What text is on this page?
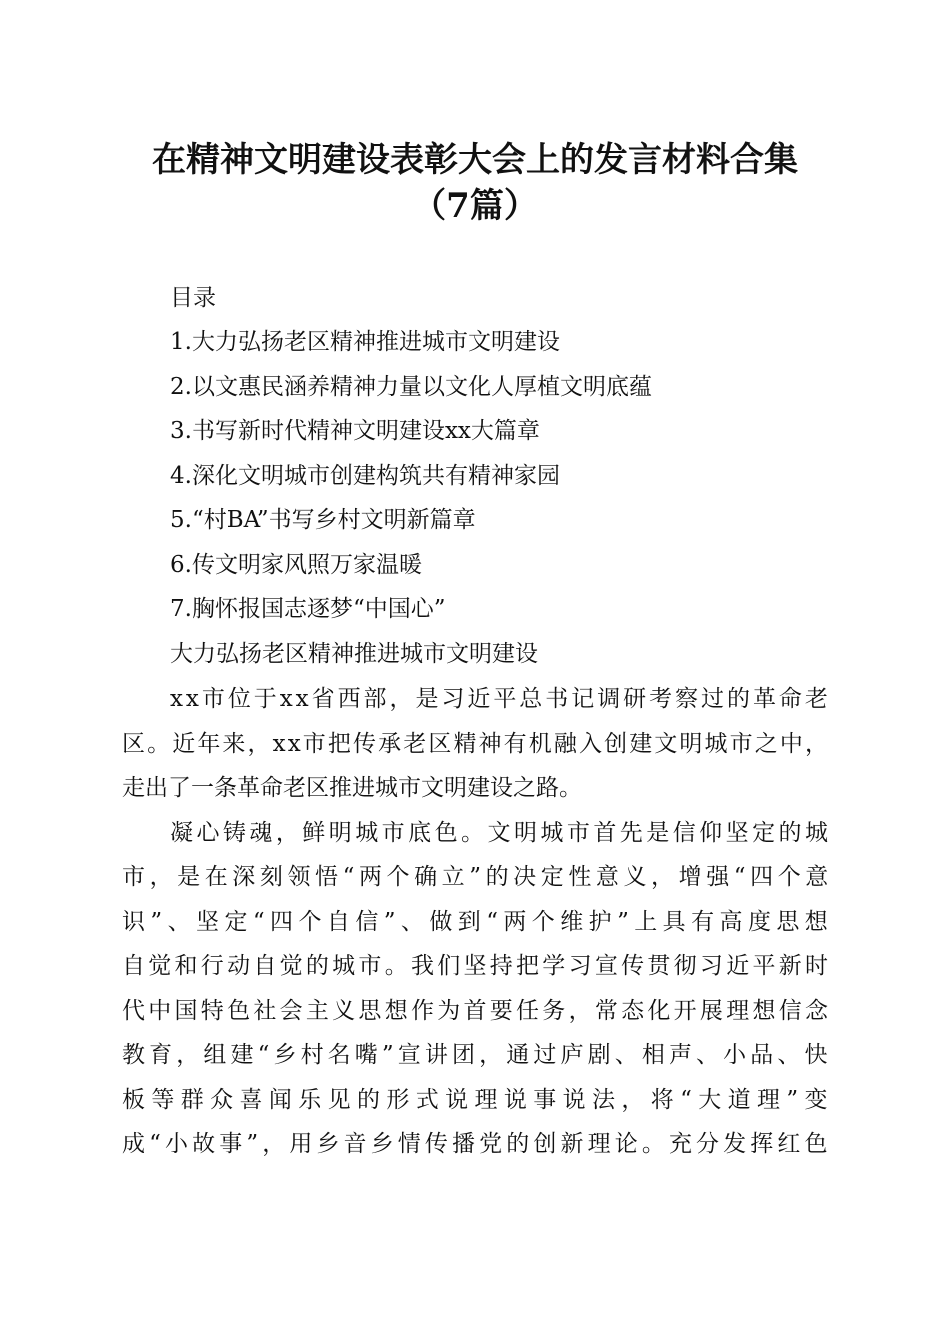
在精神文明建设表彰大会上的发言材料合集
（7篇）
目录
1.大力弘扬老区精神推进城市文明建设
2.以文惠民涵养精神力量以文化人厚植文明底蕴
3.书写新时代精神文明建设xx大篇章
4.深化文明城市创建构筑共有精神家园
5.“村BA”书写乡村文明新篇章
6.传文明家风照万家温暖
7.胸怀报国志逐梦“中国心”
大力弘扬老区精神推进城市文明建设
xx市位于xx省西部，是习近平总书记调研考察过的革命老
区。近年来，xx市把传承老区精神有机融入创建文明城市之中，
走出了一条革命老区推进城市文明建设之路。
凝心铸魂，鲜明城市底色。文明城市首先是信仰坚定的城
市，是在深刻领悟“两个确立”的决定性意义，增强“四个意
识”、坚定“四个自信”、做到“两个维护”上具有高度思想
自觉和行动自觉的城市。我们坚持把学习宣传贯彻习近平新时
代中国特色社会主义思想作为首要任务，常态化开展理想信念
教育，组建“乡村名嘴”宣讲团，通过庐剧、相声、小品、快
板等群众喜闻乐见的形式说理说事说法，将“大道理”变
成“小故事”，用乡音乡情传播党的创新理论。充分发挥红色
